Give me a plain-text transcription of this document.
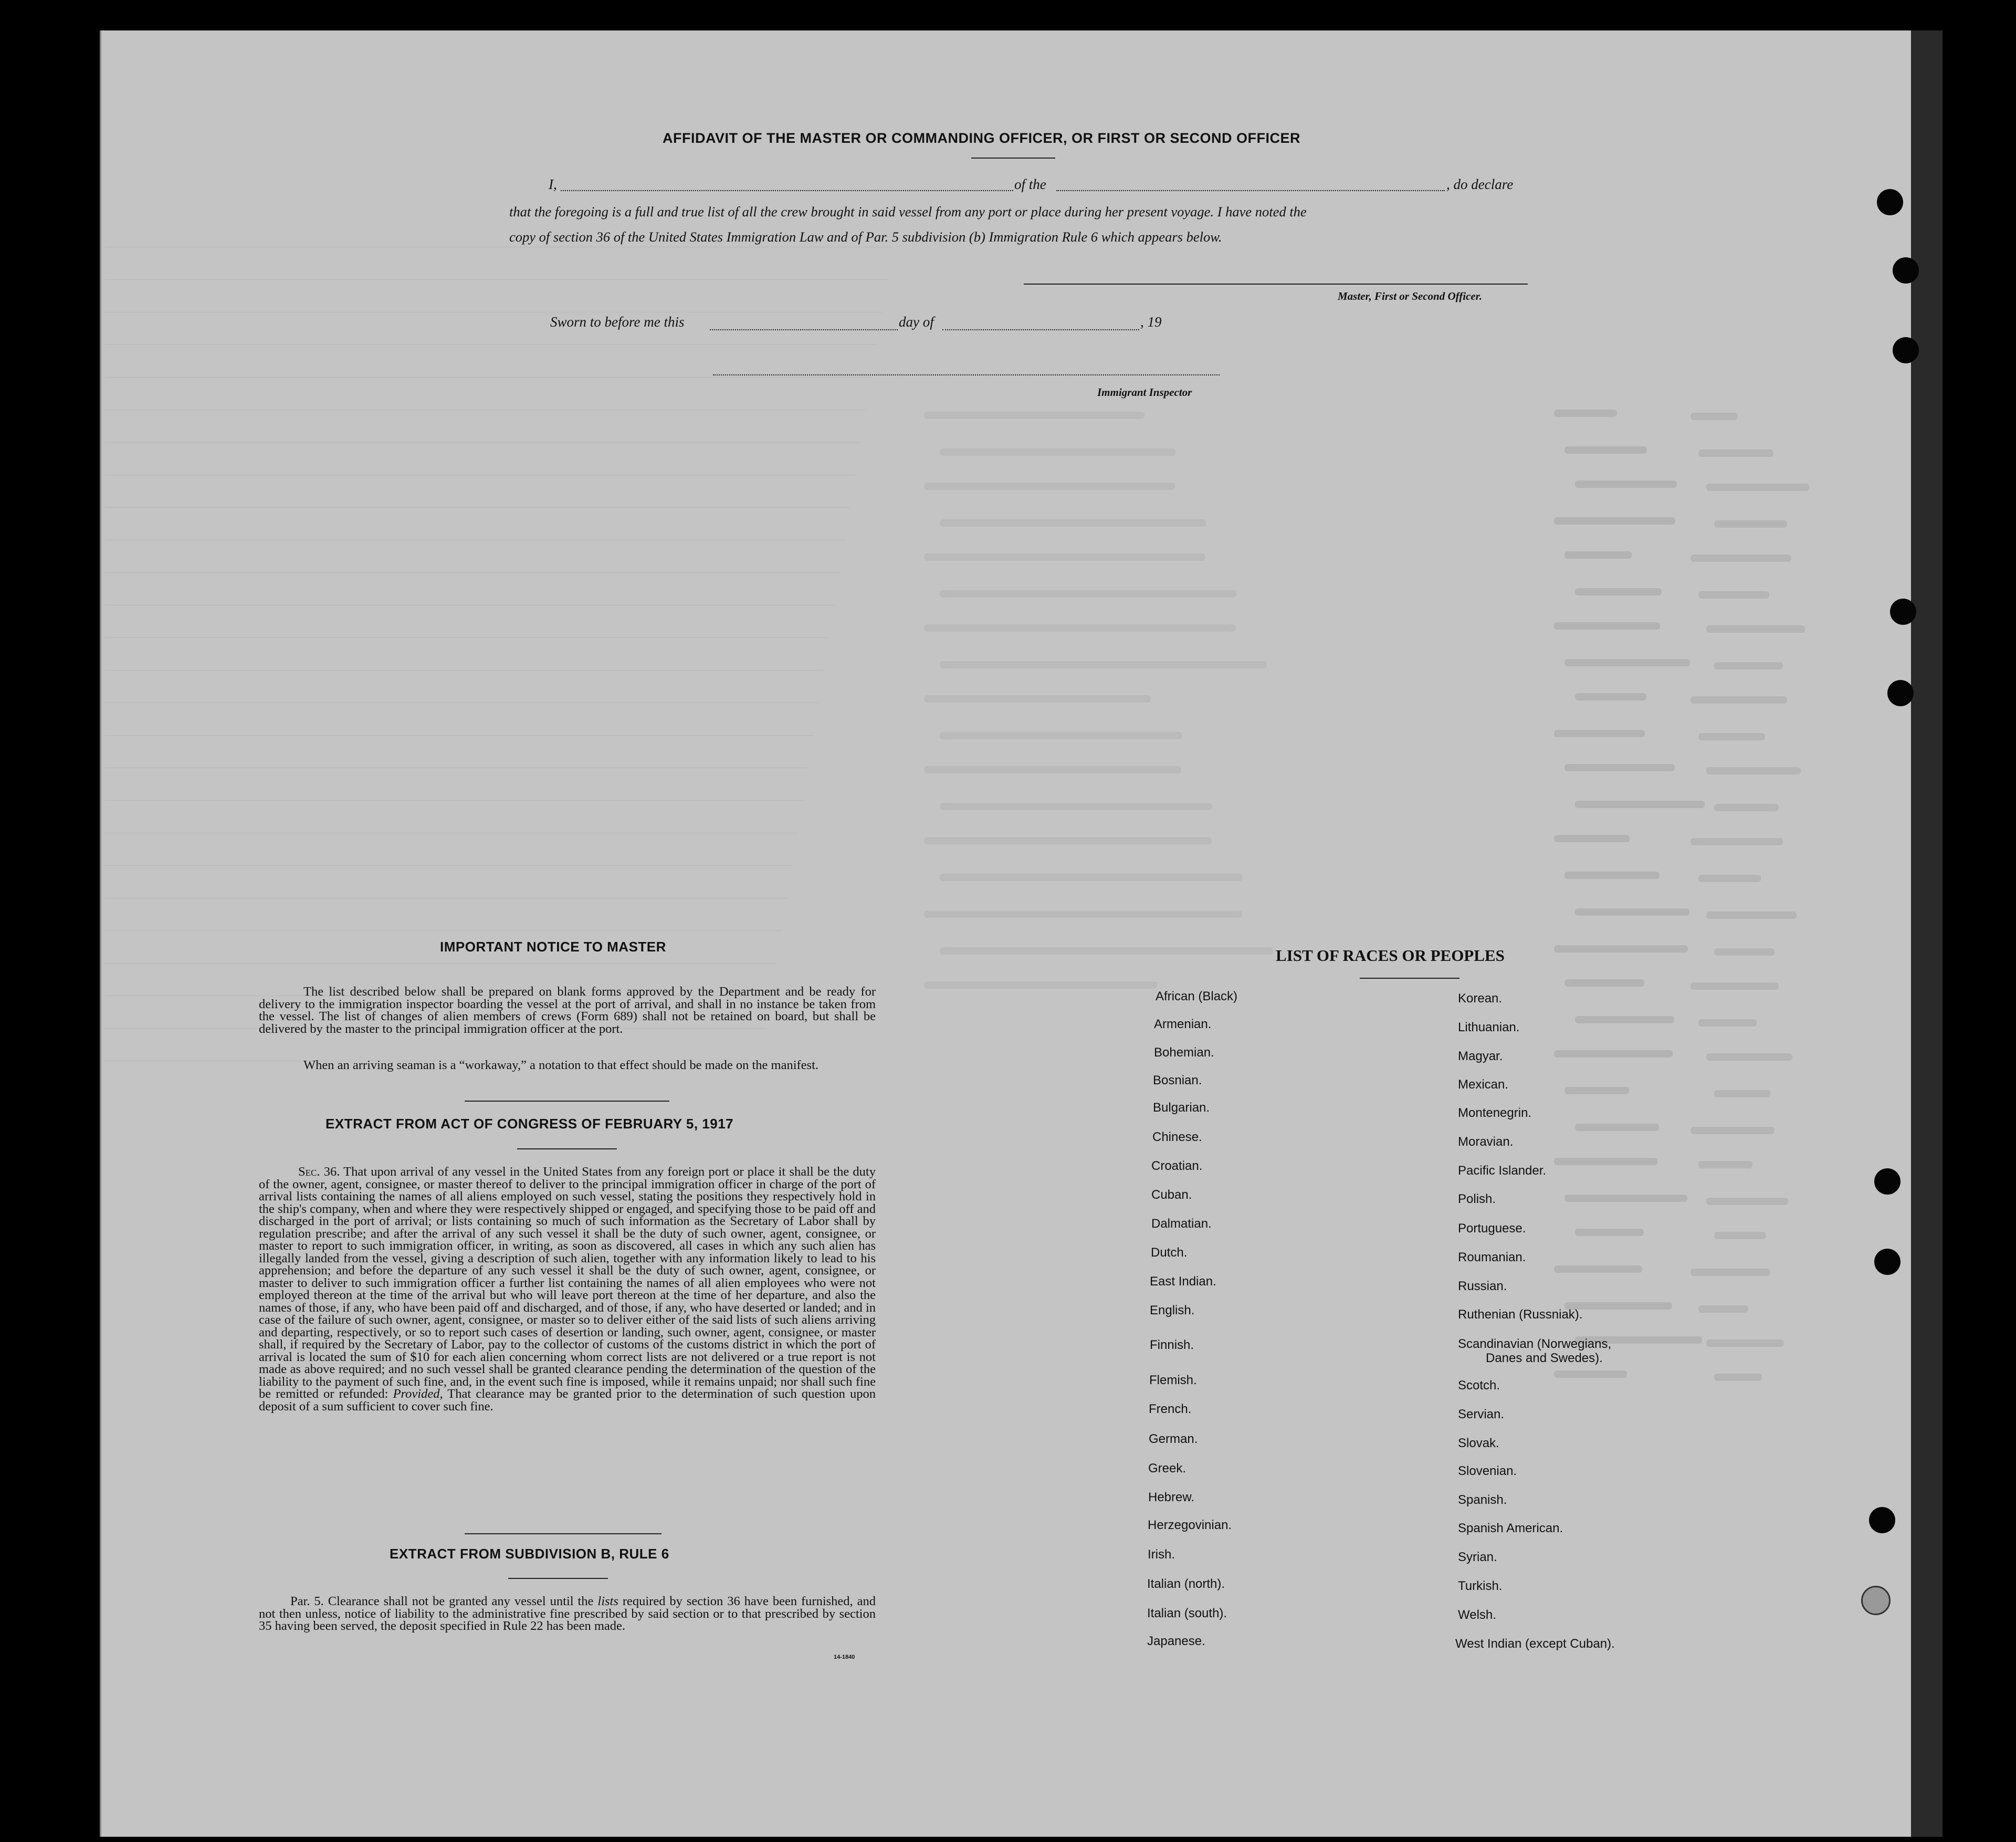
AFFIDAVIT OF THE MASTER OR COMMANDING OFFICER, OR FIRST OR SECOND OFFICER
I,	of the	, do declare
that the foregoing is a full and true list of all the crew brought in said vessel from any port or place during her present voyage. I have noted the
copy of section 36 of the United States Immigration Law and of Par. 5 subdivision (b) Immigration Rule 6 which appears below.
Master, First or Second Officer.
Sworn to before me this	day of	, 19
Immigrant Inspector
IMPORTANT NOTICE TO MASTER
The list described below shall be prepared on blank forms approved by the Department and be ready for delivery to the immigration inspector boarding the vessel at the port of arrival, and shall in no instance be taken from the vessel. The list of changes of alien members of crews (Form 689) shall not be retained on board, but shall be delivered by the master to the principal immigration officer at the port.
When an arriving seaman is a “workaway,” a notation to that effect should be made on the manifest.
EXTRACT FROM ACT OF CONGRESS OF FEBRUARY 5, 1917
Sec. 36. That upon arrival of any vessel in the United States from any foreign port or place it shall be the duty of the owner, agent, consignee, or master thereof to deliver to the principal immigration officer in charge of the port of arrival lists containing the names of all aliens employed on such vessel, stating the positions they respectively hold in the ship's company, when and where they were respectively shipped or engaged, and specifying those to be paid off and discharged in the port of arrival; or lists containing so much of such information as the Secretary of Labor shall by regulation prescribe; and after the arrival of any such vessel it shall be the duty of such owner, agent, consignee, or master to report to such immigration officer, in writing, as soon as discovered, all cases in which any such alien has illegally landed from the vessel, giving a description of such alien, together with any information likely to lead to his apprehension; and before the departure of any such vessel it shall be the duty of such owner, agent, consignee, or master to deliver to such immigration officer a further list containing the names of all alien employees who were not employed thereon at the time of the arrival but who will leave port thereon at the time of her departure, and also the names of those, if any, who have been paid off and discharged, and of those, if any, who have deserted or landed; and in case of the failure of such owner, agent, consignee, or master so to deliver either of the said lists of such aliens arriving and departing, respectively, or so to report such cases of desertion or landing, such owner, agent, consignee, or master shall, if required by the Secretary of Labor, pay to the collector of customs of the customs district in which the port of arrival is located the sum of $10 for each alien concerning whom correct lists are not delivered or a true report is not made as above required; and no such vessel shall be granted clearance pending the determination of the question of the liability to the payment of such fine, and, in the event such fine is imposed, while it remains unpaid; nor shall such fine be remitted or refunded: Provided, That clearance may be granted prior to the determination of such question upon deposit of a sum sufficient to cover such fine.
EXTRACT FROM SUBDIVISION B, RULE 6
Par. 5. Clearance shall not be granted any vessel until the lists required by section 36 have been furnished, and not then unless, notice of liability to the administrative fine prescribed by said section or to that prescribed by section 35 having been served, the deposit specified in Rule 22 has been made.
14-1840
LIST OF RACES OR PEOPLES
African (Black)
Armenian.
Bohemian.
Bosnian.
Bulgarian.
Chinese.
Croatian.
Cuban.
Dalmatian.
Dutch.
East Indian.
English.
Finnish.
Flemish.
French.
German.
Greek.
Hebrew.
Herzegovinian.
Irish.
Italian (north).
Italian (south).
Japanese.
Korean.
Lithuanian.
Magyar.
Mexican.
Montenegrin.
Moravian.
Pacific Islander.
Polish.
Portuguese.
Roumanian.
Russian.
Ruthenian (Russniak).
Scandinavian (Norwegians,
Danes and Swedes).
Scotch.
Servian.
Slovak.
Slovenian.
Spanish.
Spanish American.
Syrian.
Turkish.
Welsh.
West Indian (except Cuban).
